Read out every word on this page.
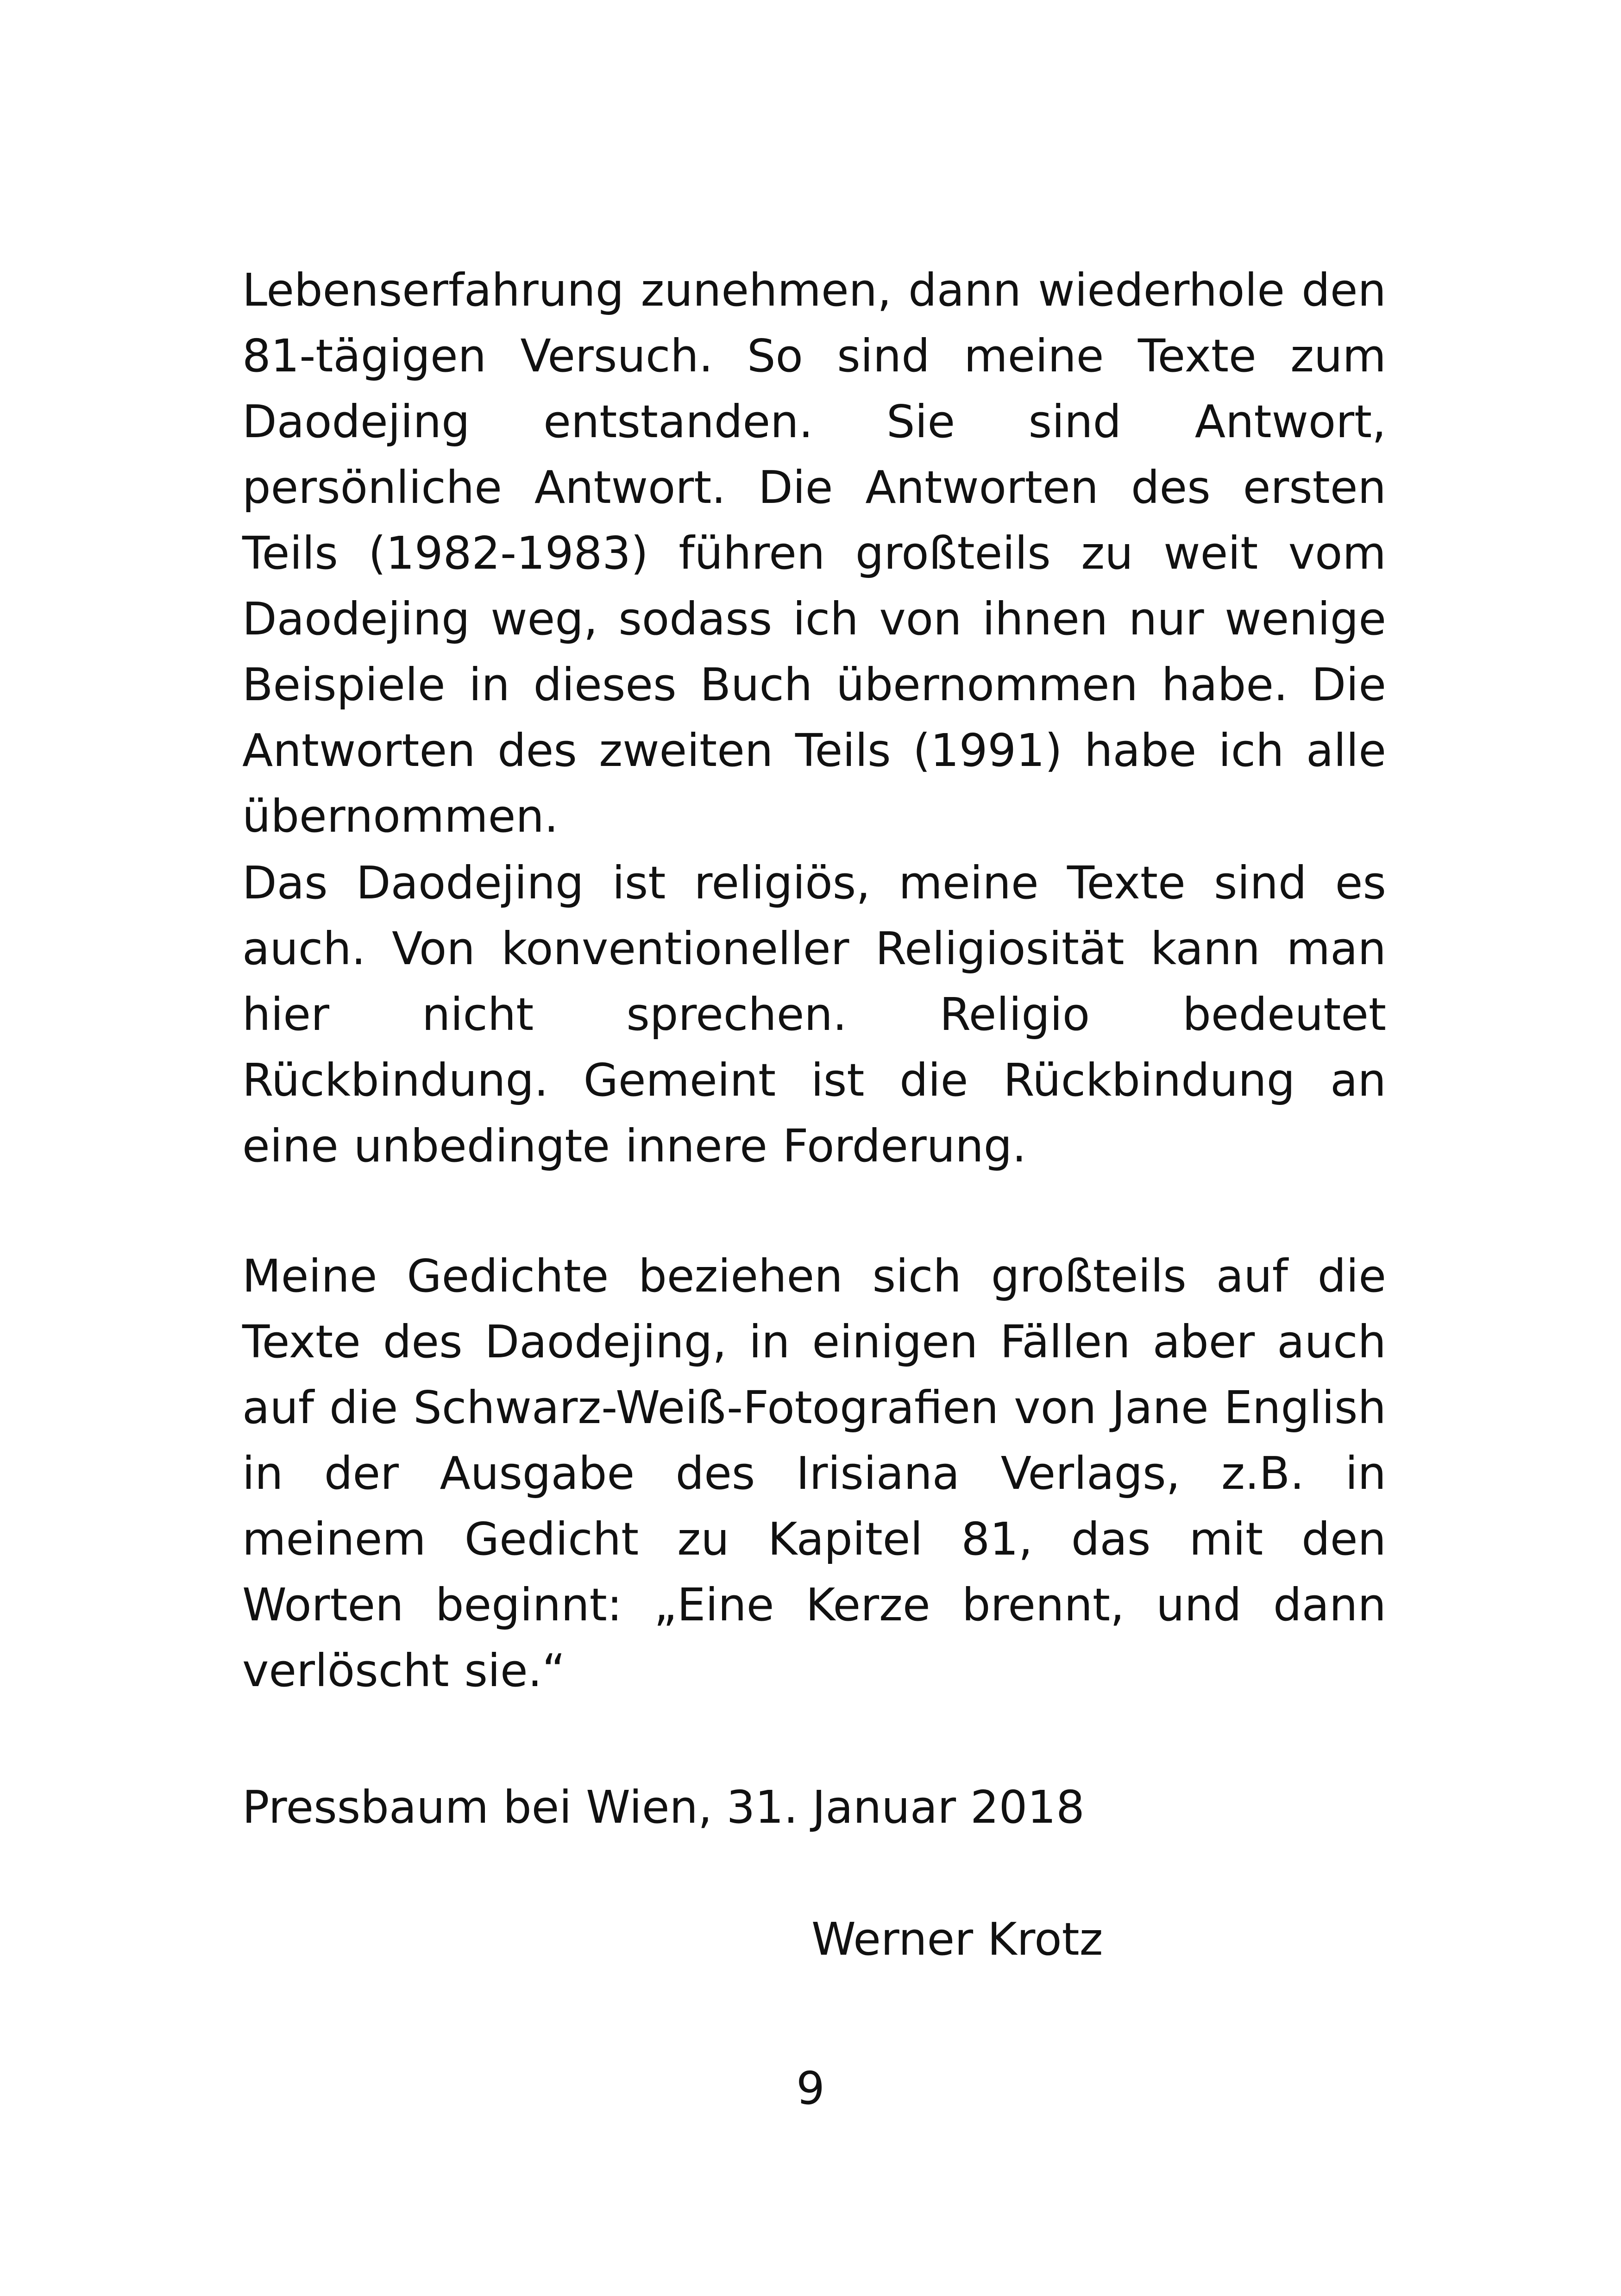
Lebenserfahrung zunehmen, dann wiederhole den 81-tägigen Versuch. So sind meine Texte zum Daodejing entstanden. Sie sind Antwort, persönliche Antwort. Die Antworten des ersten Teils (1982-1983) führen großteils zu weit vom Daodejing weg, sodass ich von ihnen nur wenige Beispiele in dieses Buch übernommen habe. Die Antworten des zweiten Teils (1991) habe ich alle übernommen.

Das Daodejing ist religiös, meine Texte sind es auch. Von konventioneller Religiosität kann man hier nicht sprechen. Religio bedeutet Rückbindung. Gemeint ist die Rückbindung an eine unbedingte innere Forderung.

Meine Gedichte beziehen sich großteils auf die Texte des Daodejing, in einigen Fällen aber auch auf die Schwarz-Weiß-Fotografien von Jane English in der Ausgabe des Irisiana Verlags, z.B. in meinem Gedicht zu Kapitel 81, das mit den Worten beginnt: „Eine Kerze brennt, und dann verlöscht sie.“

Pressbaum bei Wien, 31. Januar 2018

Werner Krotz

9
